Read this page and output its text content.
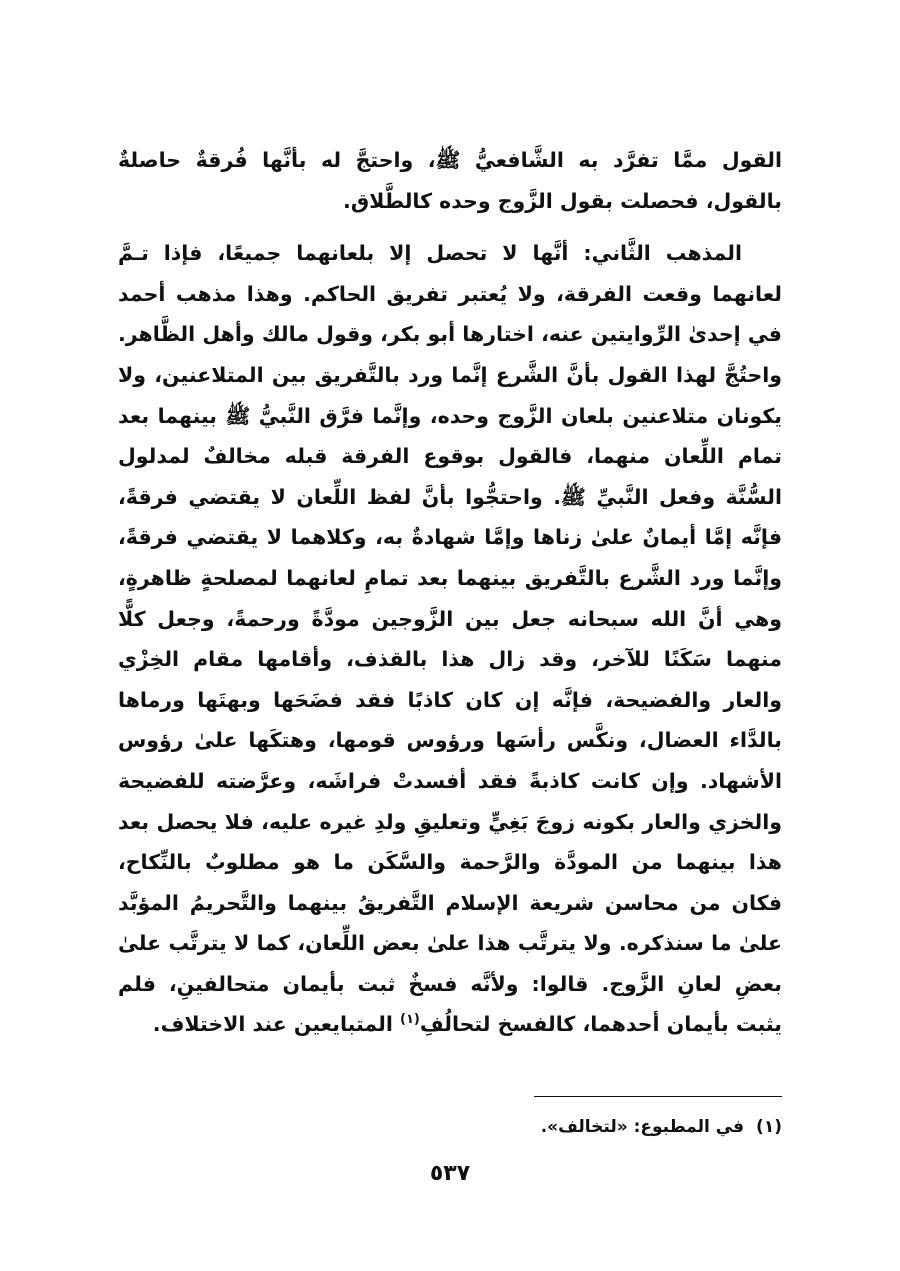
القول ممَّا تفرَّد به الشَّافعيُّ ﷺ، واحتجَّ له بأنَّها فُرقةٌ حاصلةٌ بالقول، فحصلت بقول الزَّوج وحده كالطَّلاق.

المذهب الثَّاني: أنَّها لا تحصل إلا بلعانهما جميعًا، فإذا تـمَّ لعانهما وقعت الفرقة، ولا يُعتبر تفريق الحاكم. وهذا مذهب أحمد في إحدىٰ الرِّوايتين عنه، اختارها أبو بكر، وقول مالك وأهل الظَّاهر. واحتُجَّ لهذا القول بأنَّ الشَّرع إنَّما ورد بالتَّفريق بين المتلاعنين، ولا يكونان متلاعنين بلعان الزَّوج وحده، وإنَّما فرَّق النَّبيُّ ﷺ بينهما بعد تمام اللِّعان منهما، فالقول بوقوع الفرقة قبله مخالفٌ لمدلول السُّنَّة وفعل النَّبيِّ ﷺ. واحتجُّوا بأنَّ لفظ اللِّعان لا يقتضي فرقةً، فإنَّه إمَّا أيمانٌ علىٰ زناها وإمَّا شهادةٌ به، وكلاهما لا يقتضي فرقةً، وإنَّما ورد الشَّرع بالتَّفريق بينهما بعد تمامِ لعانهما لمصلحةٍ ظاهرةٍ، وهي أنَّ الله سبحانه جعل بين الزَّوجين مودَّةً ورحمةً، وجعل كلًّا منهما سَكَنًا للآخر، وقد زال هذا بالقذف، وأقامها مقام الخِزْي والعار والفضيحة، فإنَّه إن كان كاذبًا فقد فضَحَها وبهتَها ورماها بالدَّاء العضال، ونكَّس رأسَها ورؤوس قومها، وهتكَها علىٰ رؤوس الأشهاد. وإن كانت كاذبةً فقد أفسدتْ فراشَه، وعرَّضته للفضيحة والخزي والعار بكونه زوجَ بَغِيٍّ وتعليقِ ولدِ غيره عليه، فلا يحصل بعد هذا بينهما من المودَّة والرَّحمة والسَّكَن ما هو مطلوبٌ بالنِّكاح، فكان من محاسن شريعة الإسلام التَّفريقُ بينهما والتَّحريمُ المؤبَّد علىٰ ما سنذكره. ولا يترتَّب هذا علىٰ بعض اللِّعان، كما لا يترتَّب علىٰ بعضِ لعانِ الزَّوج. قالوا: ولأنَّه فسخٌ ثبت بأيمان متحالفينِ، فلم يثبت بأيمان أحدهما، كالفسخ لتحالُفِ$^{(١)}$ المتبايعين عند الاختلاف.

(١)في المطبوع: «لتخالف».
٥٣٧
